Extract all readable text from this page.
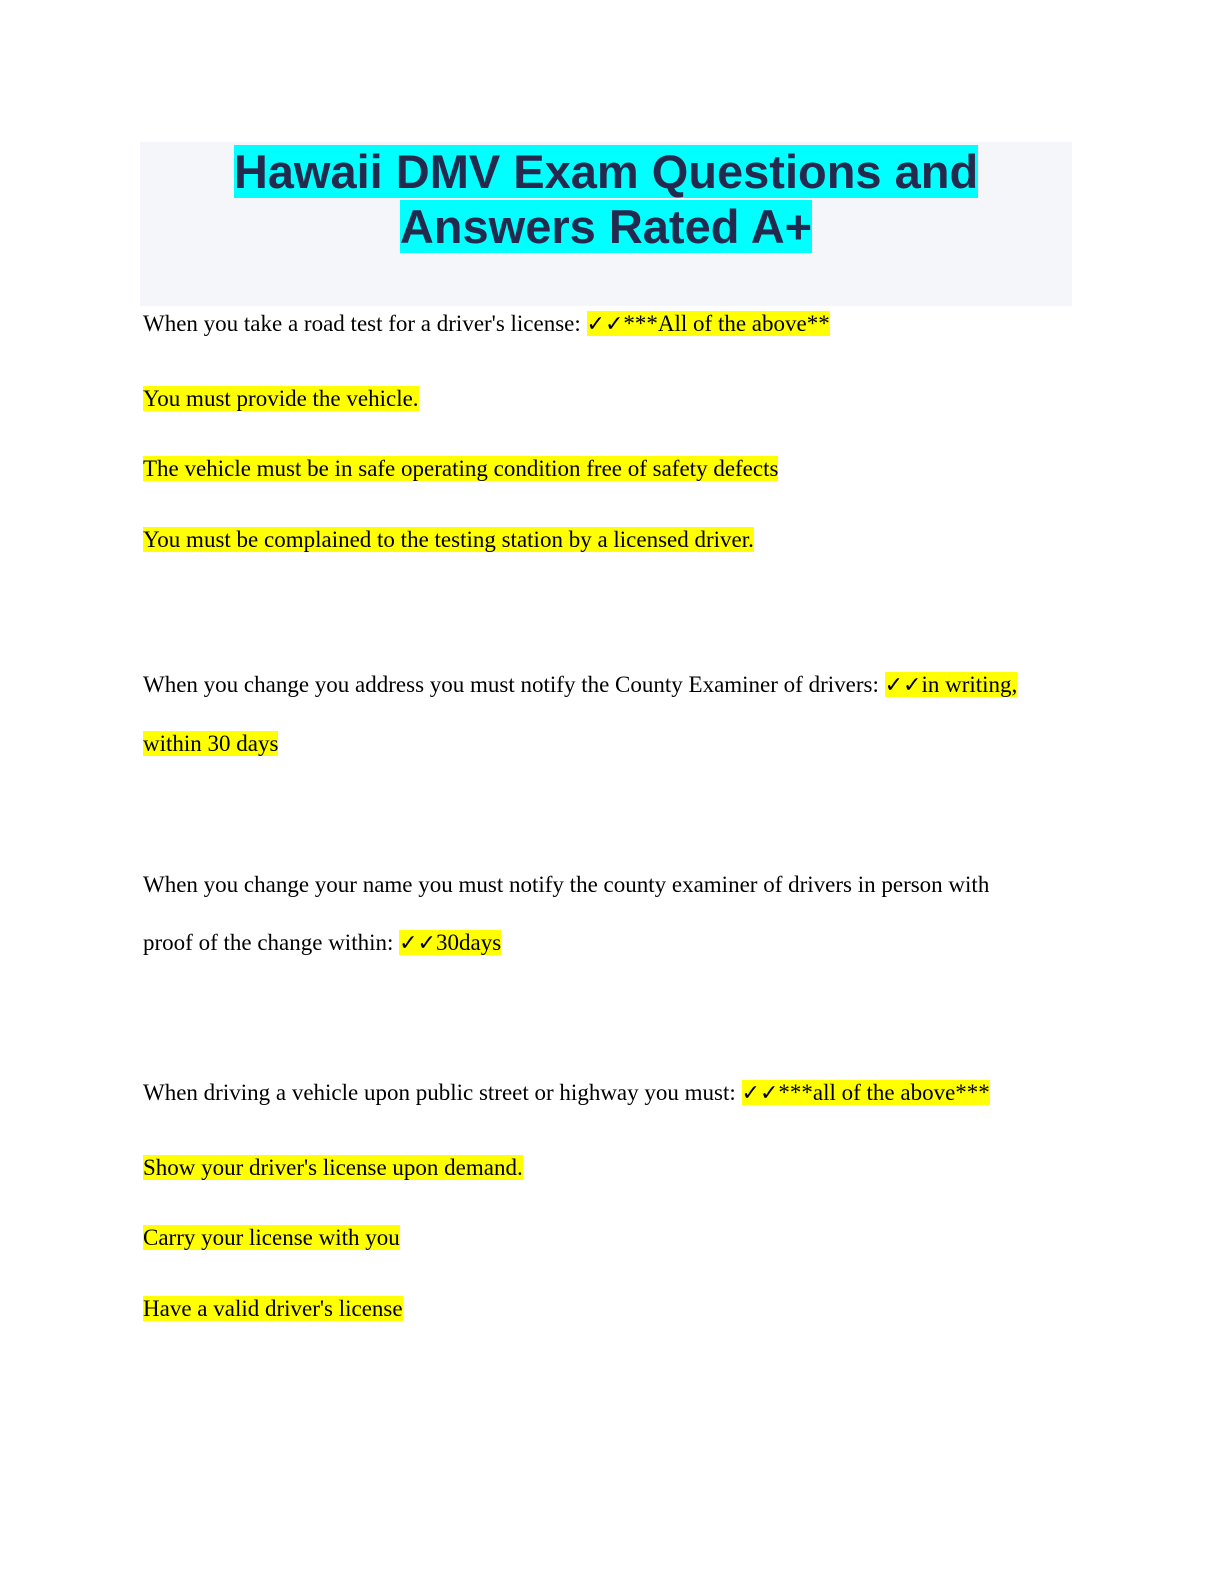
Hawaii DMV Exam Questions and
Answers Rated A+
When you take a road test for a driver's license: ✓✓***All of the above**
You must provide the vehicle.
The vehicle must be in safe operating condition free of safety defects
You must be complained to the testing station by a licensed driver.
When you change you address you must notify the County Examiner of drivers: ✓✓in writing,
within 30 days
When you change your name you must notify the county examiner of drivers in person with
proof of the change within: ✓✓30days
When driving a vehicle upon public street or highway you must: ✓✓***all of the above***
Show your driver's license upon demand.
Carry your license with you
Have a valid driver's license
